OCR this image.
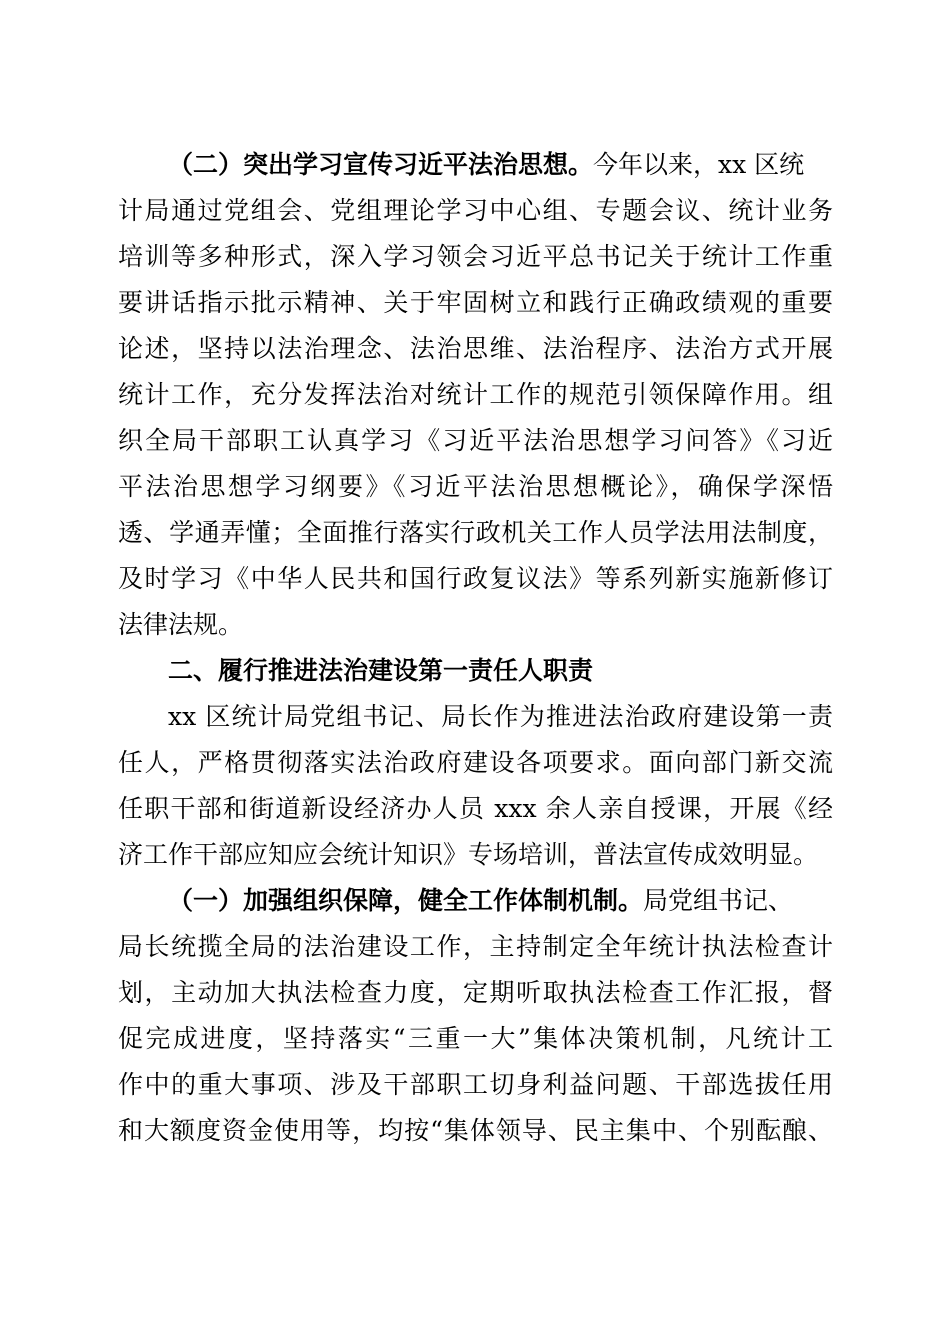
（二）突出学习宣传习近平法治思想。今年以来，xx 区统
计局通过党组会、党组理论学习中心组、专题会议、统计业务
培训等多种形式，深入学习领会习近平总书记关于统计工作重
要讲话指示批示精神、关于牢固树立和践行正确政绩观的重要
论述，坚持以法治理念、法治思维、法治程序、法治方式开展
统计工作，充分发挥法治对统计工作的规范引领保障作用。组
织全局干部职工认真学习《习近平法治思想学习问答》《习近
平法治思想学习纲要》《习近平法治思想概论》，确保学深悟
透、学通弄懂；全面推行落实行政机关工作人员学法用法制度，
及时学习《中华人民共和国行政复议法》等系列新实施新修订
法律法规。
二、履行推进法治建设第一责任人职责
xx 区统计局党组书记、局长作为推进法治政府建设第一责
任人，严格贯彻落实法治政府建设各项要求。面向部门新交流
任职干部和街道新设经济办人员 xxx 余人亲自授课，开展《经
济工作干部应知应会统计知识》专场培训，普法宣传成效明显。
（一）加强组织保障，健全工作体制机制。局党组书记、
局长统揽全局的法治建设工作，主持制定全年统计执法检查计
划，主动加大执法检查力度，定期听取执法检查工作汇报，督
促完成进度，坚持落实“三重一大”集体决策机制，凡统计工
作中的重大事项、涉及干部职工切身利益问题、干部选拔任用
和大额度资金使用等，均按“集体领导、民主集中、个别酝酿、
